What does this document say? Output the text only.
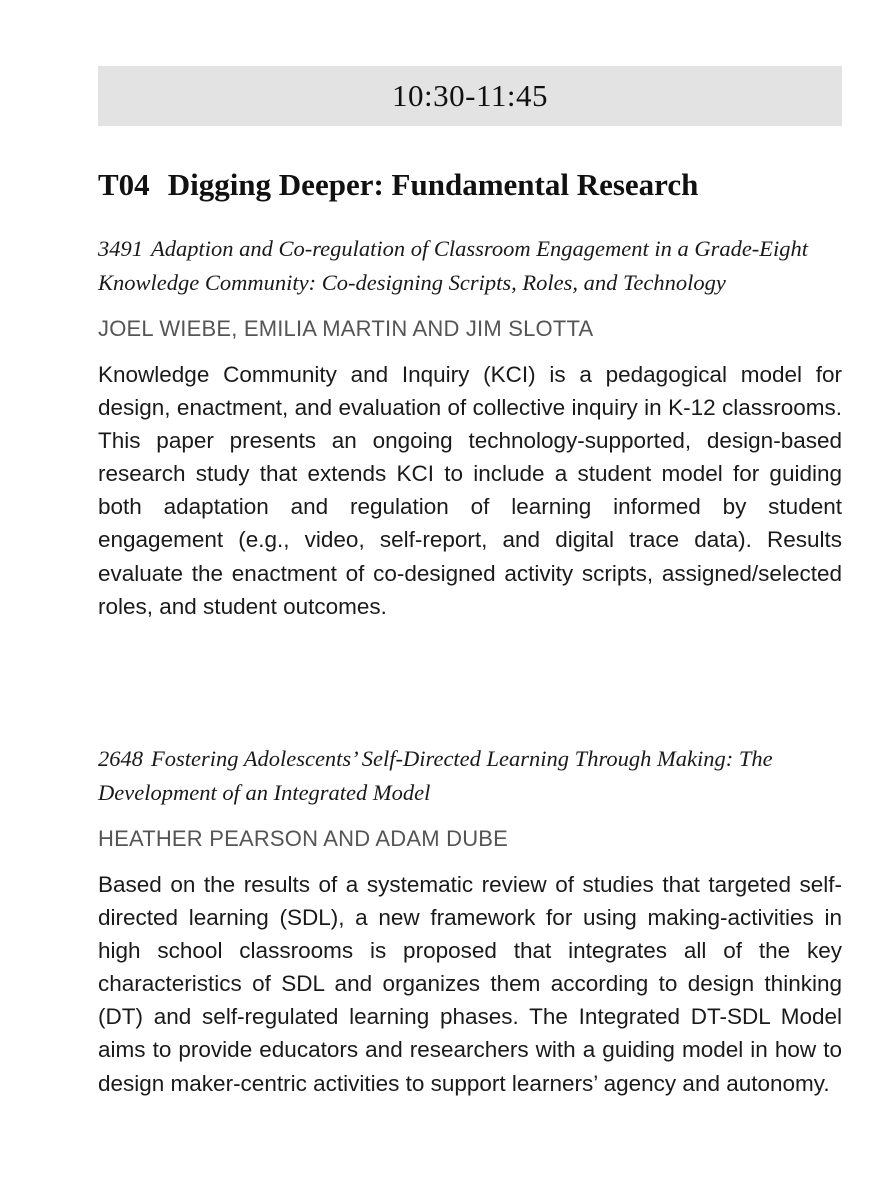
10:30-11:45
T04 Digging Deeper: Fundamental Research

3491 Adaption and Co-regulation of Classroom Engagement in a Grade-Eight Knowledge Community: Co-designing Scripts, Roles, and Technology

JOEL WIEBE, EMILIA MARTIN AND JIM SLOTTA

Knowledge Community and Inquiry (KCI) is a pedagogical model for design, enactment, and evaluation of collective inquiry in K-12 classrooms. This paper presents an ongoing technology-supported, design-based research study that extends KCI to include a student model for guiding both adaptation and regulation of learning informed by student engagement (e.g., video, self-report, and digital trace data). Results evaluate the enactment of co-designed activity scripts, assigned/selected roles, and student outcomes.

2648 Fostering Adolescents’ Self-Directed Learning Through Making: The Development of an Integrated Model

HEATHER PEARSON AND ADAM DUBE

Based on the results of a systematic review of studies that targeted self-directed learning (SDL), a new framework for using making-activities in high school classrooms is proposed that integrates all of the key characteristics of SDL and organizes them according to design thinking (DT) and self-regulated learning phases. The Integrated DT-SDL Model aims to provide educators and researchers with a guiding model in how to design maker-centric activities to support learners’ agency and autonomy.
